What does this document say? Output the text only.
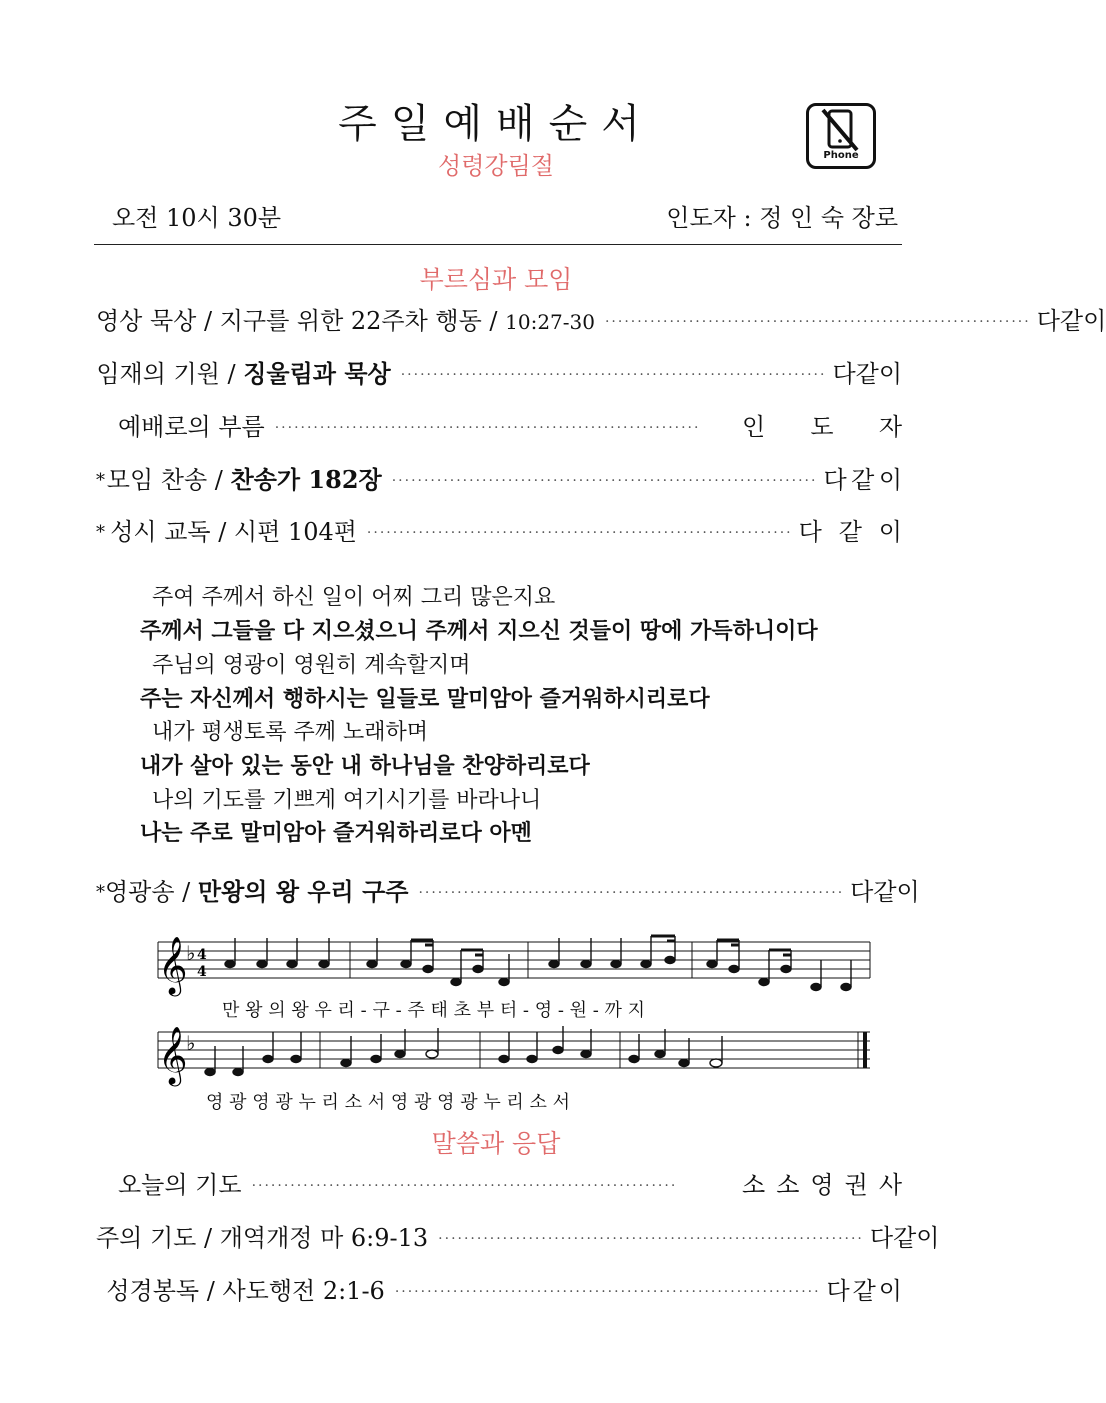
주일예배순서
성령강림절	Phone
오전 10시 30분	인도자 : 정 인 숙 장로
부르심과 모임
영상 묵상 / 지구를 위한 22주차 행동 / 10:27-30 ·································································· 다 같 이
임재의 기원 / 징울림과 묵상 ·································································· 다 같 이
예배로의 부름 ··································································	인 도 자
* 모임 찬송 / 찬송가 182장 ·································································· 다 같 이
* 성시 교독 / 시편 104편 ·································································· 다 같 이
주여 주께서 하신 일이 어찌 그리 많은지요
주께서 그들을 다 지으셨으니 주께서 지으신 것들이 땅에 가득하니이다
주님의 영광이 영원히 계속할지며
주는 자신께서 행하시는 일들로 말미암아 즐거워하시리로다
내가 평생토록 주께 노래하며
내가 살아 있는 동안 내 하나님을 찬양하리로다
나의 기도를 기쁘게 여기시기를 바라나니
나는 주로 말미암아 즐거워하리로다 아멘
* 영광송 / 만왕의 왕 우리 구주 ·································································· 다 같 이
𝄞
♭ 4
4
만 왕 의 왕 우 리 - 구 - 주 태 초 부 터 - 영 - 원 - 까 지
𝄞
♭
영 광 영 광 누 리 소 서 영 광 영 광 누 리 소 서
말씀과 응답
오늘의 기도 ··································································	소 소 영 권 사
주의 기도 / 개역개정 마 6:9-13 ·································································· 다 같 이
성경봉독 / 사도행전 2:1-6 ·································································· 다 같 이
